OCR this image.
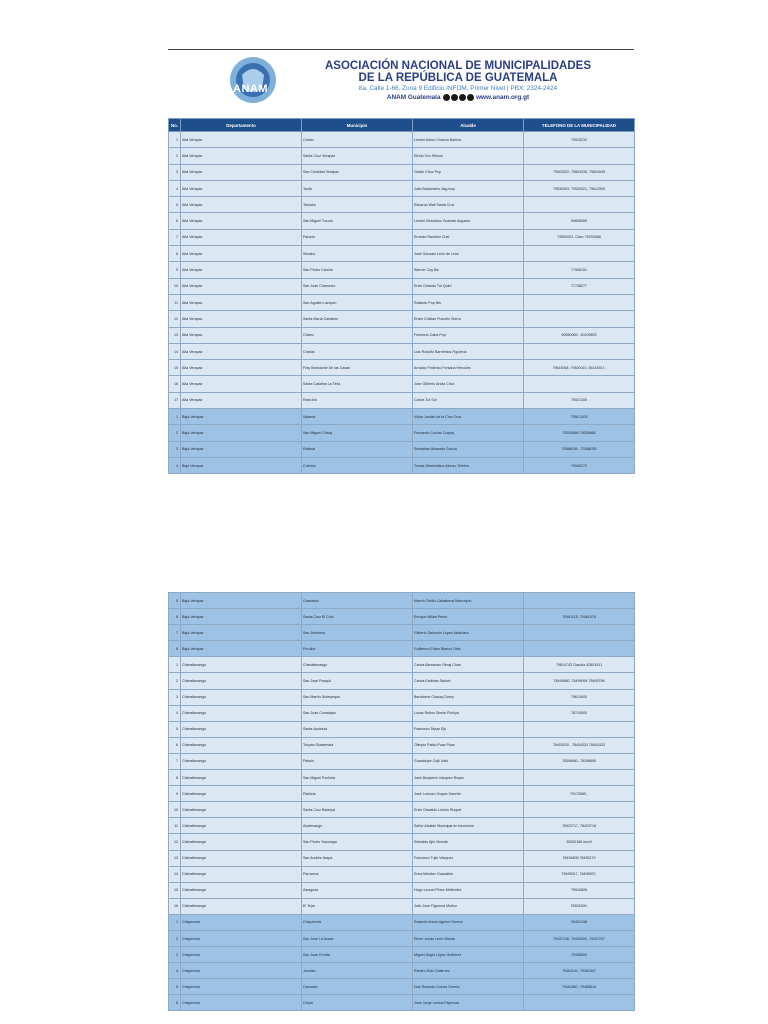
ANAM
ASOCIACIÓN NACIONAL DE MUNICIPALIDADES
DE LA REPÚBLICA DE GUATEMALA
8a. Calle 1-66, Zona 9 Edificio INFOM, Primer Nivel | PBX: 2324-2424
ANAM Guatemala	www.anam.org.gt
No.	Departamento	Municipio	Alcalde	TELEFONO DE LA MUNICIPALIDAD
1	Alta Verapaz	Cobán	Leonel Arturo Chacón Barrios	79515232
2	Alta Verapaz	Santa Cruz Verapáz	Efraín Cux Rincón	
3	Alta Verapaz	San Cristóbal Verapaz	Ovidio Choc Pop	79503022, 79504335, 79504545
4	Alta Verapaz	Tactic	Julio Baldomero Jiag Ivoy	79539303, 79539321, 79612500
5	Alta Verapaz	Tamahú	Eduardo Wall Santa Cruz	
6	Alta Verapaz	San Miguel Tucurú	Leonel Victoriano Guzmán Argueta	59808059
7	Alta Verapaz	Panzós	Ernesto Ramírez Cuel	79500001, Cam: 79203068
8	Alta Verapaz	Senahú	José Gonzalo León de León	
9	Alta Verapaz	San Pedro Carchá	Werner Coy Ba	77906151
10	Alta Verapaz	San Juan Chamelco	Ervin Orlando Tut Quim	77748277
11	Alta Verapaz	San Agustín Lanquín	Rolando Pop Nis	
12	Alta Verapaz	Santa María Cahabón	Erwin Cristian Pozuelo Sierra	
13	Alta Verapaz	Chisec	Florencio Caba Pop	50060083 , 40109893
14	Alta Verapaz	Chahal	Luis Rodolfo Barrientos Figueroa	
15	Alta Verapaz	Fray Bartolomé De las Casas	Arnoldo Federico Fontana Hércules	79615058 ,79520010, 55144917,
16	Alta Verapaz	Santa Catalina La Tinta	Jose Gilberto Ariola Chox	
17	Alta Verapaz	Raxruhá	Carlos Tut Sol	79521305
1	Baja Verapaz	Salamá	Víctor Jordán de la Cruz Cruz	7958 3100
2	Baja Verapaz	San Miguel Chicaj	Fernando Cuxúm Cuquej	79253668 79535666
3	Baja Verapaz	Rabinal	Sebastian Alvarado García	79388026 , 79388035
4	Baja Verapaz	Cubulco	Tomás Maximiliano Alonso Telebro	79540272
5	Baja Verapaz	Granados	Marvin Ovidio Caballeros Marroquín	
6	Baja Verapaz	Santa Cruz El Chol	Enrique Milián Pérez	79481115, 79481576
7	Baja Verapaz	San Jerónimo	Gilberto Salomón López Alcántara	
8	Baja Verapaz	Purulhá	Guillermo Efraín Blanco Ortiz	
1	Chimaltenango	Chimaltenango	Carlos Alexander Simaj Chan	79614743 Claudia 42803431
2	Chimaltenango	San José Poaquil	Carlos Estéban Saloch	78499680, 78499094 78499798
3	Chimaltenango	San Martín Jilotepeque	Bartolomé Chacaj Cimey	79613000
4	Chimaltenango	San Juan Comalapa	Lucas Rufino Simón Pichiyá	78710500
5	Chimaltenango	Santa Apolonia	Francisco Tepaz Ejú	
6	Chimaltenango	Tecpán Guatemala	Olimpio Pablo Puac Puac	78403030 , 78404333 78404332
7	Chimaltenango	Patzún	Guadalupe Cojtí Xalú	78398481, 78398695
8	Chimaltenango	San Miguel Pochuta	José Benjamín Vásquez Reyes	
9	Chimaltenango	Patzicia	José Lorenzo Xoquic Sanche	79170585 ,
10	Chimaltenango	Santa Cruz Balanyá	Ervin Oswaldo Lukem Roquel	
11	Chimaltenango	Acatenango	Señor Alcalde Municipal en funciones	78423717, 78423716
12	Chimaltenango	San Pedro Yepocapa	Reinaldo Ajiú Vicente	30052166 movil
13	Chimaltenango	San Andrés Itzapa	Francisco Tujiú Vásquez	78494605 78495179
14	Chimaltenango	Parramos	Erica Méndez Guacallón	78495917, 78495597,
15	Chimaltenango	Zaragoza	Hugo Leonel Pérez Meléndez	79542828
16	Chimaltenango	El Tejar	Julio José Figueroa Muñoz	78391500,
1	Chiquimula	Chiquimula	Rolando Arturo Aguirre Guerra	30431438
2	Chiquimula	San José La Arada	Elmer Jonás León Villeda	79437236, 79436300, 79437237
3	Chiquimula	San Juan Ermita	Miguel Ángel López Gutiérrez	79438500
4	Chiquimula	Jocotán	Ramiro Díaz Gutiérrez	79461141, 79461547
5	Chiquimula	Camotán	Noé Rolando Guerra Guerra	79461867, 79465616
6	Chiquimula	Olopa	José Jorge Lemus Espinoza	
